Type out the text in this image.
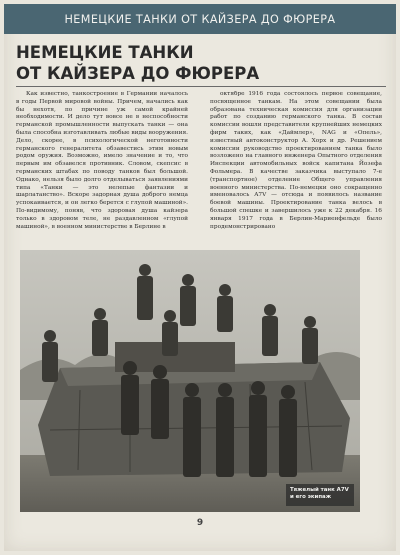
НЕМЕЦКИЕ ТАНКИ ОТ КАЙЗЕРА ДО ФЮРЕРА
НЕМЕЦКИЕ ТАНКИ
ОТ КАЙЗЕРА ДО ФЮРЕРА

Как известно, танкостроение в Германии началось в годы Первой мировой войны. Причем, начались как бы нехотя, по причине уж самой крайней необходимости. И дело тут вовсе не в неспособности германской промышленности выпускать танки — она была способна изготавливать любые виды вооружения. Дело, скорее, в психологической неготовности германского генералитета обзавестись этим новым родом оружия. Возможно, имело значение и то, что первым им обзавелся противник. Словом, скепсис в германских штабах по поводу танков был большой. Однако, нельзя было долго отделываться заявлениями типа «Танки — это нелепые фантазии и шарлатанство». Вскоре задорная душа доброго немца успокаивается, и он легко берется с глупой машиной». По-видимому, поняв, что здоровая душа кайзера только в здоровом теле, не раздавленном «глупой машиной», в военном министерстве в Берлине в

октябре 1916 года состоялось первое совещание, посвященное танкам. На этом совещании была образована техническая комиссия для организации работ по созданию германского танка. В состав комиссии вошли представители крупнейших немецких фирм таких, как «Даймлер», NAG и «Опель», известный автоконструктор А. Хорх и др. Решением комиссии руководство проектированием танка было возложено на главного инженера Опытного отделения Инспекции автомобильных войск капитана Йозефа Фольмера. В качестве заказчика выступало 7-е (транспортное) отделение Общего управления военного министерства. По-немецки оно сокращенно именовалось A7V — отсюда и появилось название боевой машины. Проектирование танка велось в большой спешке и завершилось уже к 22 декабря. 16 января 1917 года в Берлин-Мариенфельде было продемонстрировано

Тяжелый танк A7V
и его экипаж
9
